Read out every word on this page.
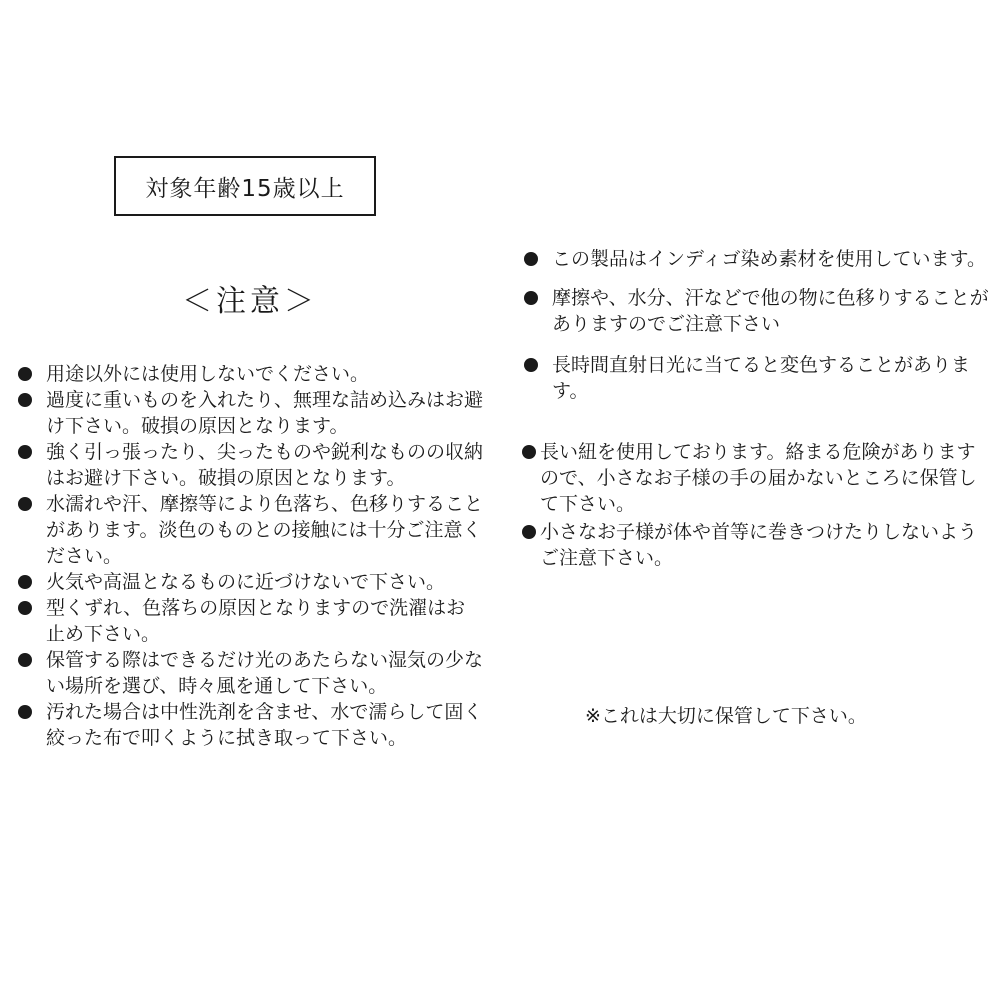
対象年齢15歳以上
＜注意＞
用途以外には使用しないでください。
過度に重いものを入れたり、無理な詰め込みはお避け下さい。破損の原因となります。
強く引っ張ったり、尖ったものや鋭利なものの収納はお避け下さい。破損の原因となります。
水濡れや汗、摩擦等により色落ち、色移りすることがあります。淡色のものとの接触には十分ご注意ください。
火気や高温となるものに近づけないで下さい。
型くずれ、色落ちの原因となりますので洗濯はお止め下さい。
保管する際はできるだけ光のあたらない湿気の少ない場所を選び、時々風を通して下さい。
汚れた場合は中性洗剤を含ませ、水で濡らして固く絞った布で叩くように拭き取って下さい。
この製品はインディゴ染め素材を使用しています。
摩擦や、水分、汗などで他の物に色移りすることがありますのでご注意下さい
長時間直射日光に当てると変色することがあります。
長い紐を使用しております。絡まる危険がありますので、小さなお子様の手の届かないところに保管して下さい。
小さなお子様が体や首等に巻きつけたりしないようご注意下さい。
※これは大切に保管して下さい。
